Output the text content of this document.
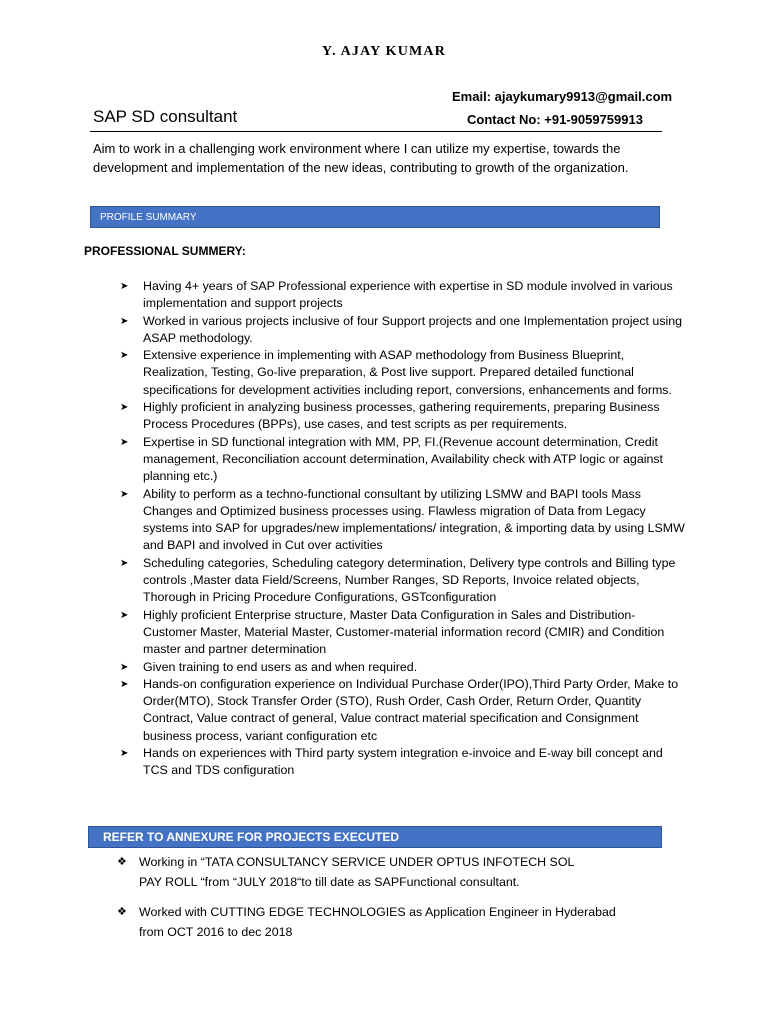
Y. AJAY KUMAR
Email: ajaykumary9913@gmail.com
SAP SD consultant	Contact No: +91-9059759913
Aim to work in a challenging work environment where I can utilize my expertise, towards the development and implementation of the new ideas, contributing to growth of the organization.
PROFILE SUMMARY
PROFESSIONAL SUMMERY:
➤ Having 4+ years of SAP Professional experience with expertise in SD module involved in various implementation and support projects
➤ Worked in various projects inclusive of four Support projects and one Implementation project using ASAP methodology.
➤ Extensive experience in implementing with ASAP methodology from Business Blueprint, Realization, Testing, Go-live preparation, & Post live support. Prepared detailed functional specifications for development activities including report, conversions, enhancements and forms.
➤ Highly proficient in analyzing business processes, gathering requirements, preparing Business Process Procedures (BPPs), use cases, and test scripts as per requirements.
➤ Expertise in SD functional integration with MM, PP, FI.(Revenue account determination, Credit management, Reconciliation account determination, Availability check with ATP logic or against planning etc.)
➤ Ability to perform as a techno-functional consultant by utilizing LSMW and BAPI tools Mass Changes and Optimized business processes using. Flawless migration of Data from Legacy systems into SAP for upgrades/new implementations/ integration, & importing data by using LSMW and BAPI and involved in Cut over activities
➤ Scheduling categories, Scheduling category determination, Delivery type controls and Billing type controls ,Master data Field/Screens, Number Ranges, SD Reports, Invoice related objects, Thorough in Pricing Procedure Configurations, GSTconfiguration
➤ Highly proficient Enterprise structure, Master Data Configuration in Sales and Distribution-Customer Master, Material Master, Customer-material information record (CMIR) and Condition master and partner determination
➤ Given training to end users as and when required.
➤ Hands-on configuration experience on Individual Purchase Order(IPO),Third Party Order, Make to Order(MTO), Stock Transfer Order (STO), Rush Order, Cash Order, Return Order, Quantity Contract, Value contract of general, Value contract material specification and Consignment business process, variant configuration etc
➤ Hands on experiences with Third party system integration e-invoice and E-way bill concept and TCS and TDS configuration
REFER TO ANNEXURE FOR PROJECTS EXECUTED
❖ Working in “TATA CONSULTANCY SERVICE UNDER OPTUS INFOTECH SOL
PAY ROLL “from “JULY 2018“to till date as SAPFunctional consultant.
❖ Worked with CUTTING EDGE TECHNOLOGIES as Application Engineer in Hyderabad
from OCT 2016 to dec 2018
